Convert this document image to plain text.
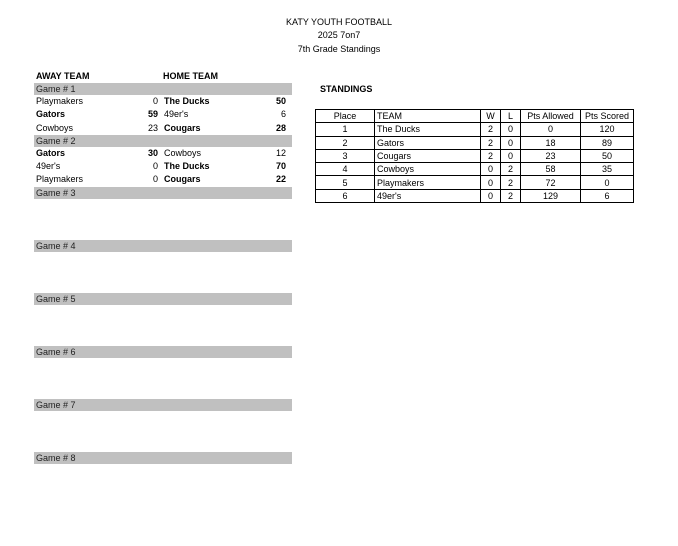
KATY YOUTH FOOTBALL
2025 7on7
7th Grade Standings
AWAY TEAM	HOME TEAM
Game # 1
Playmakers	0 The Ducks	50
Gators	59 49er's	6
Cowboys	23 Cougars	28
Game # 2
Gators	30 Cowboys	12
49er's	0 The Ducks	70
Playmakers	0 Cougars	22
Game # 3
Game # 4
Game # 5
Game # 6
Game # 7
Game # 8
STANDINGS
Place	TEAM	W	L	Pts Allowed	Pts Scored
1	The Ducks	2	0	0	120
2	Gators	2	0	18	89
3	Cougars	2	0	23	50
4	Cowboys	0	2	58	35
5	Playmakers	0	2	72	0
6	49er's	0	2	129	6
